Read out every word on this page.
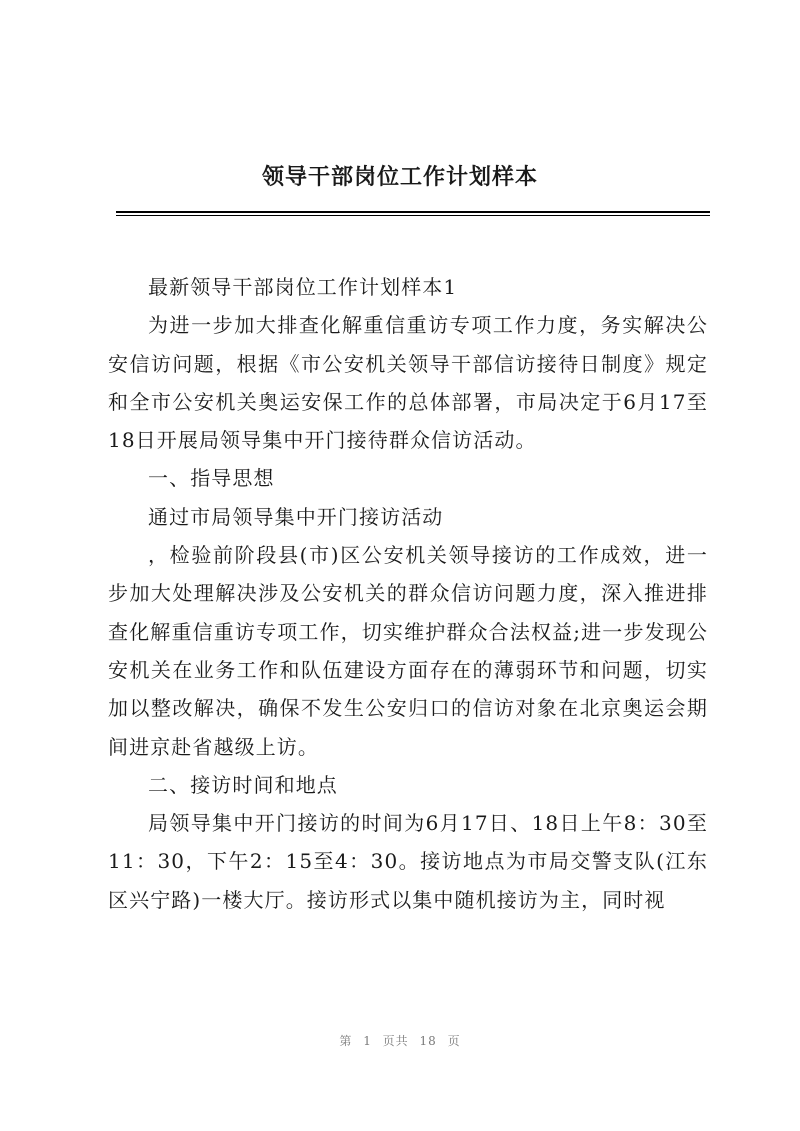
领导干部岗位工作计划样本

最新领导干部岗位工作计划样本1

为进一步加大排查化解重信重访专项工作力度，务实解决公安信访问题，根据《市公安机关领导干部信访接待日制度》规定和全市公安机关奥运安保工作的总体部署，市局决定于6月17至18日开展局领导集中开门接待群众信访活动。

一、指导思想

通过市局领导集中开门接访活动

，检验前阶段县(市)区公安机关领导接访的工作成效，进一步加大处理解决涉及公安机关的群众信访问题力度，深入推进排查化解重信重访专项工作，切实维护群众合法权益;进一步发现公安机关在业务工作和队伍建设方面存在的薄弱环节和问题，切实加以整改解决，确保不发生公安归口的信访对象在北京奥运会期间进京赴省越级上访。

二、接访时间和地点

局领导集中开门接访的时间为6月17日、18日上午8：30至11：30，下午2：15至4：30。接访地点为市局交警支队(江东区兴宁路)一楼大厅。接访形式以集中随机接访为主，同时视

第 1 页共 18 页
